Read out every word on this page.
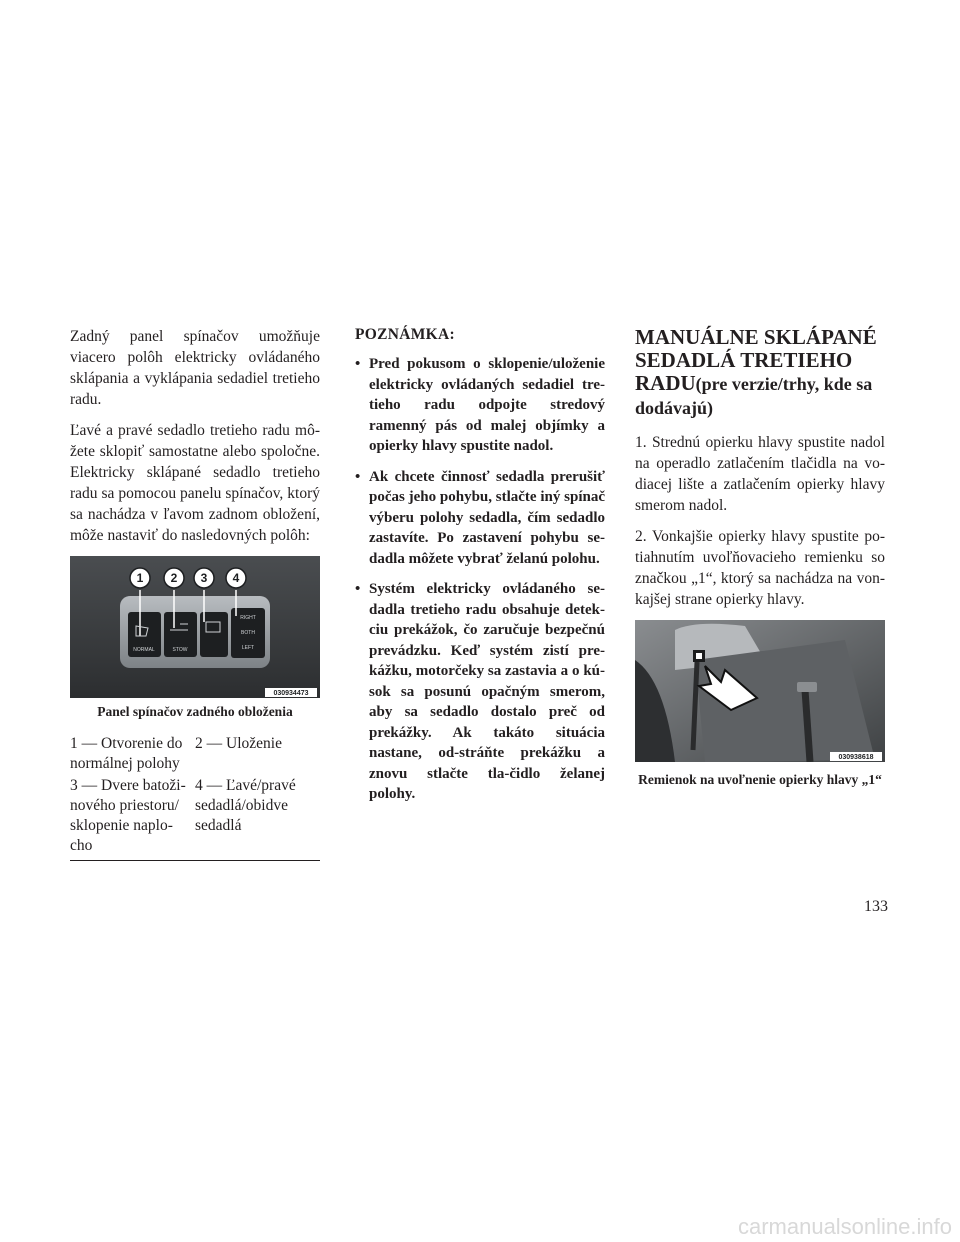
Zadný panel spínačov umožňuje viacero polôh elektricky ovládaného sklápania a vyklápania sedadiel tretieho radu.

Ľavé a pravé sedadlo tretieho radu mô-žete sklopiť samostatne alebo spoločne. Elektricky sklápané sedadlo tretieho radu sa pomocou panelu spínačov, ktorý sa nachádza v ľavom zadnom obložení, môže nastaviť do nasledovných polôh:

1 2 3 4
NORMAL	STOW
RIGHT
BOTH
LEFT
030934473
Panel spínačov zadného obloženia
1 — Otvorenie do normálnej polohy
2 — Uloženie
3 — Dvere batoži-nového priestoru/ sklopenie naplo-cho
4 — Ľavé/pravé sedadlá/obidve sedadlá
POZNÁMKA:
• Pred pokusom o sklopenie/uloženie elektricky ovládaných sedadiel tre-tieho radu odpojte stredový ramenný pás od malej objímky a opierky hlavy spustite nadol.
• Ak chcete činnosť sedadla prerušiť počas jeho pohybu, stlačte iný spínač výberu polohy sedadla, čím sedadlo zastavíte. Po zastavení pohybu se-dadla môžete vybrať želanú polohu.
• Systém elektricky ovládaného se-dadla tretieho radu obsahuje detek-ciu prekážok, čo zaručuje bezpečnú prevádzku. Keď systém zistí pre-kážku, motorčeky sa zastavia a o kú-sok sa posunú opačným smerom, aby sa sedadlo dostalo preč od prekážky. Ak takáto situácia nastane, od-stráňte prekážku a znovu stlačte tla-čidlo želanej polohy.
MANUÁLNE SKLÁPANÉ SEDADLÁ TRETIEHO RADU(pre verzie/trhy, kde sa dodávajú)

1. Strednú opierku hlavy spustite nadol na operadlo zatlačením tlačidla na vo-diacej lište a zatlačením opierky hlavy smerom nadol.

2. Vonkajšie opierky hlavy spustite po-tiahnutím uvoľňovacieho remienku so značkou „1“, ktorý sa nachádza na von-kajšej strane opierky hlavy.

030938618
Remienok na uvoľnenie opierky hlavy „1“
133
carmanualsonline.info
